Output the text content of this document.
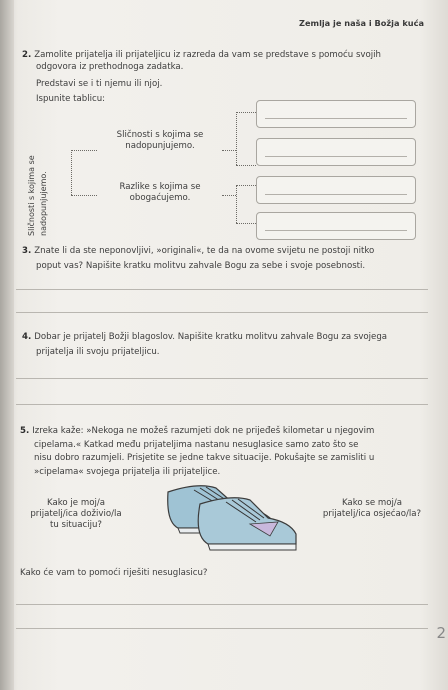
Zemlja je naša i Božja kuća
2. Zamolite prijatelja ili prijateljicu iz razreda da vam se predstave s pomoću svojih
odgovora iz prethodnoga zadatka.
Predstavi se i ti njemu ili njoj.
Ispunite tablicu:
Sličnosti s kojima se nadopunjujemo.
Sličnosti s kojima se
nadopunjujemo.
Razlike s kojima se
obogaćujemo.
3. Znate li da ste neponovljivi, »originali«, te da na ovome svijetu ne postoji nitko
poput vas? Napišite kratku molitvu zahvale Bogu za sebe i svoje posebnosti.
4. Dobar je prijatelj Božji blagoslov. Napišite kratku molitvu zahvale Bogu za svojega
prijatelja ili svoju prijateljicu.
5. Izreka kaže: »Nekoga ne možeš razumjeti dok ne prijeđeš kilometar u njegovim
cipelama.« Katkad među prijateljima nastanu nesuglasice samo zato što se
nisu dobro razumjeli. Prisjetite se jedne takve situacije. Pokušajte se zamisliti u
»cipelama« svojega prijatelja ili prijateljice.
Kako je moj/a
prijatelj/ica doživio/la
tu situaciju?
Kako se moj/a
prijatelj/ica osjećao/la?
Kako će vam to pomoći riješiti nesuglasicu?
2
